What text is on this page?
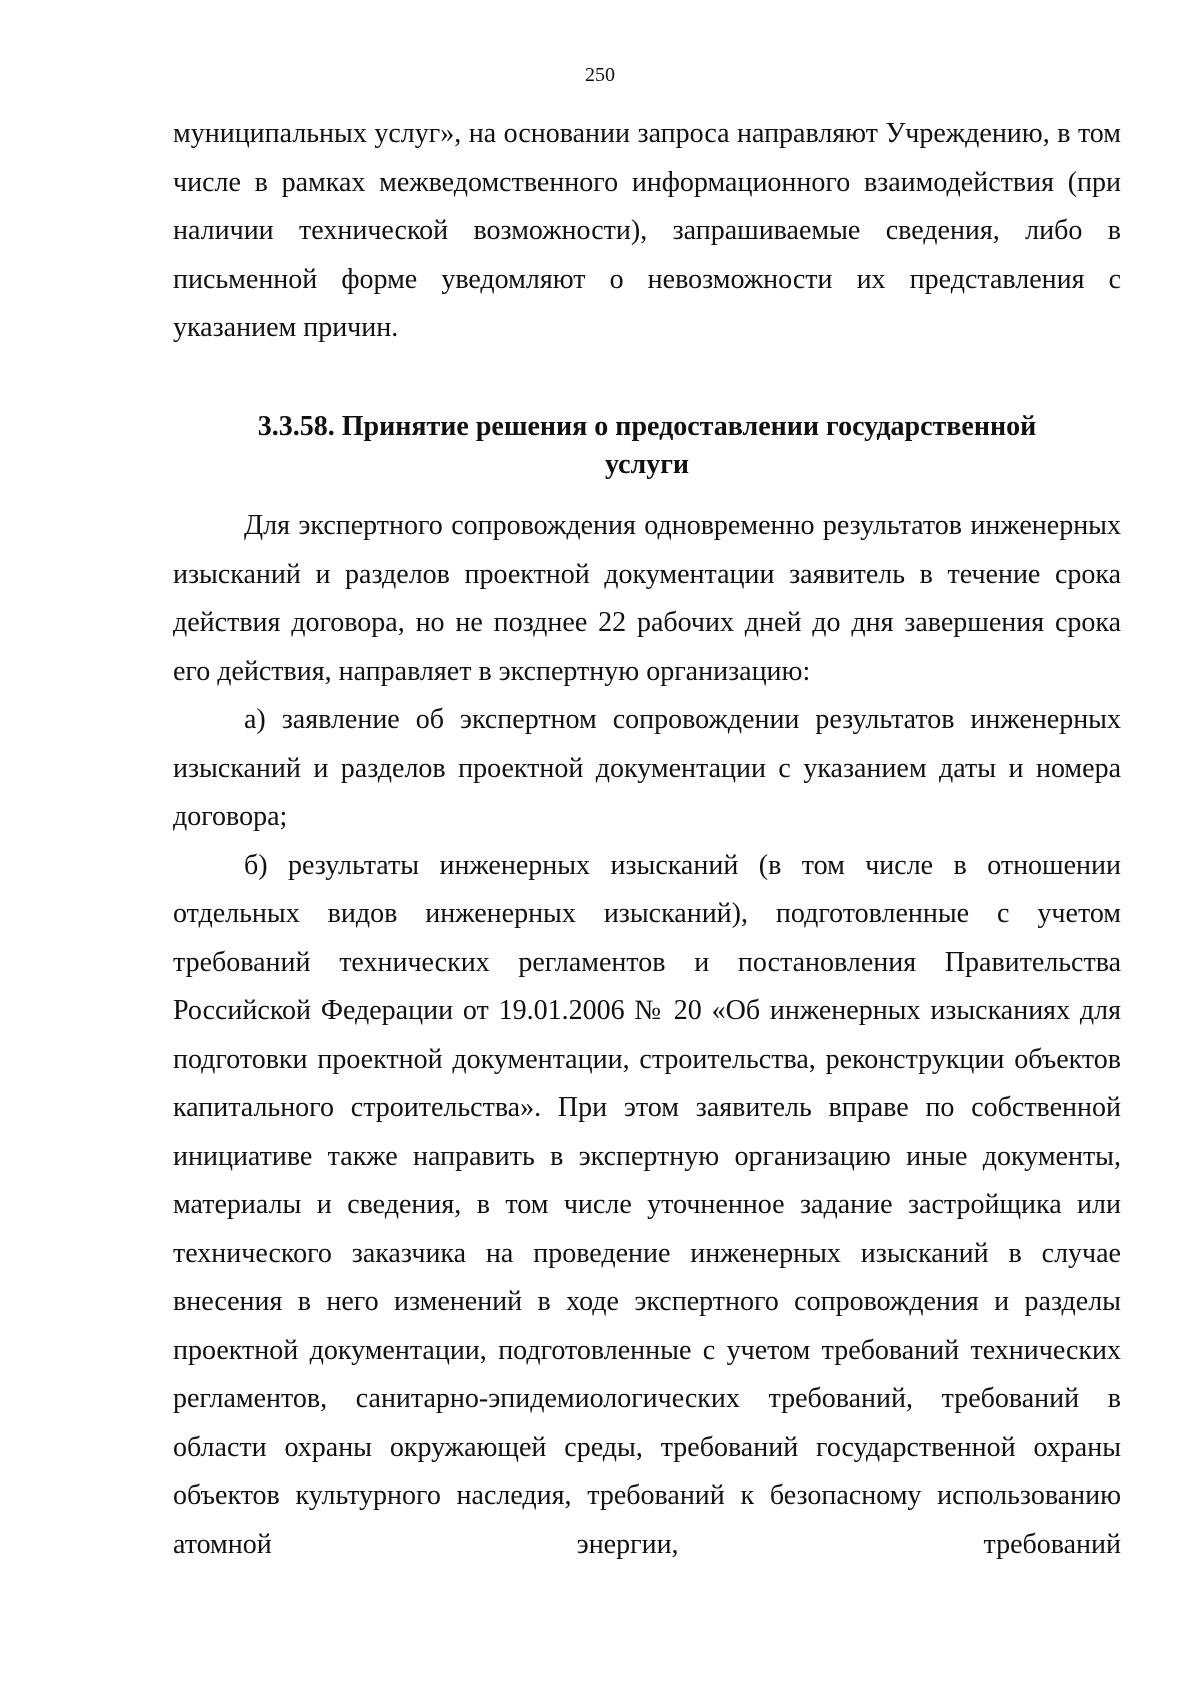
250

муниципальных услуг», на основании запроса направляют Учреждению, в том числе в рамках межведомственного информационного взаимодействия (при наличии технической возможности), запрашиваемые сведения, либо в письменной форме уведомляют о невозможности их представления с указанием причин.

3.3.58. Принятие решения о предоставлении государственной
услуги

Для экспертного сопровождения одновременно результатов инженерных изысканий и разделов проектной документации заявитель в течение срока действия договора, но не позднее 22 рабочих дней до дня завершения срока его действия, направляет в экспертную организацию:

а) заявление об экспертном сопровождении результатов инженерных изысканий и разделов проектной документации с указанием даты и номера договора;

б) результаты инженерных изысканий (в том числе в отношении отдельных видов инженерных изысканий), подготовленные с учетом требований технических регламентов и постановления Правительства Российской Федерации от 19.01.2006 № 20 «Об инженерных изысканиях для подготовки проектной документации, строительства, реконструкции объектов капитального строительства». При этом заявитель вправе по собственной инициативе также направить в экспертную организацию иные документы, материалы и сведения, в том числе уточненное задание застройщика или технического заказчика на проведение инженерных изысканий в случае внесения в него изменений в ходе экспертного сопровождения и разделы проектной документации, подготовленные с учетом требований технических регламентов, санитарно-эпидемиологических требований, требований в области охраны окружающей среды, требований государственной охраны объектов культурного наследия, требований к безопасному использованию атомной энергии, требований
